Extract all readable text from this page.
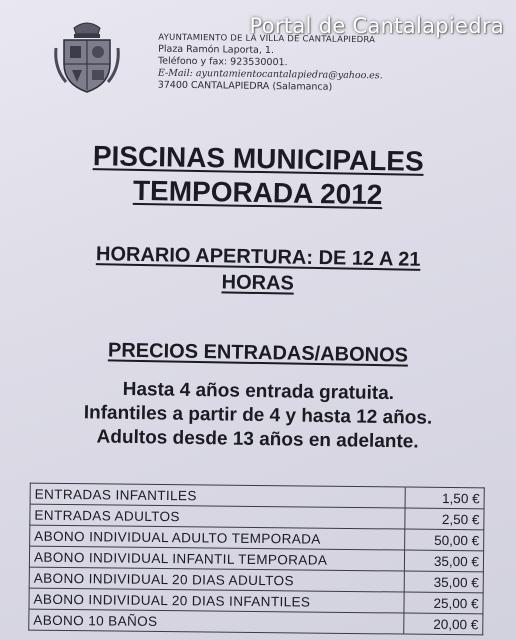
Portal de Cantalapiedra
AYUNTAMIENTO DE LA VILLA DE CANTALAPIEDRA
Plaza Ramón Laporta, 1.
Teléfono y fax: 923530001.
E-Mail: ayuntamientocantalapiedra@yahoo.es.
37400 CANTALAPIEDRA (Salamanca)
PISCINAS MUNICIPALES
TEMPORADA 2012
HORARIO APERTURA: DE 12 A 21
HORAS
PRECIOS ENTRADAS/ABONOS
Hasta 4 años entrada gratuita.
Infantiles a partir de 4 y hasta 12 años.
Adultos desde 13 años en adelante.
ENTRADAS INFANTILES	1,50 €
ENTRADAS ADULTOS	2,50 €
ABONO INDIVIDUAL ADULTO TEMPORADA	50,00 €
ABONO INDIVIDUAL INFANTIL TEMPORADA	35,00 €
ABONO INDIVIDUAL 20 DIAS ADULTOS	35,00 €
ABONO INDIVIDUAL 20 DIAS INFANTILES	25,00 €
ABONO 10 BAÑOS	20,00 €
